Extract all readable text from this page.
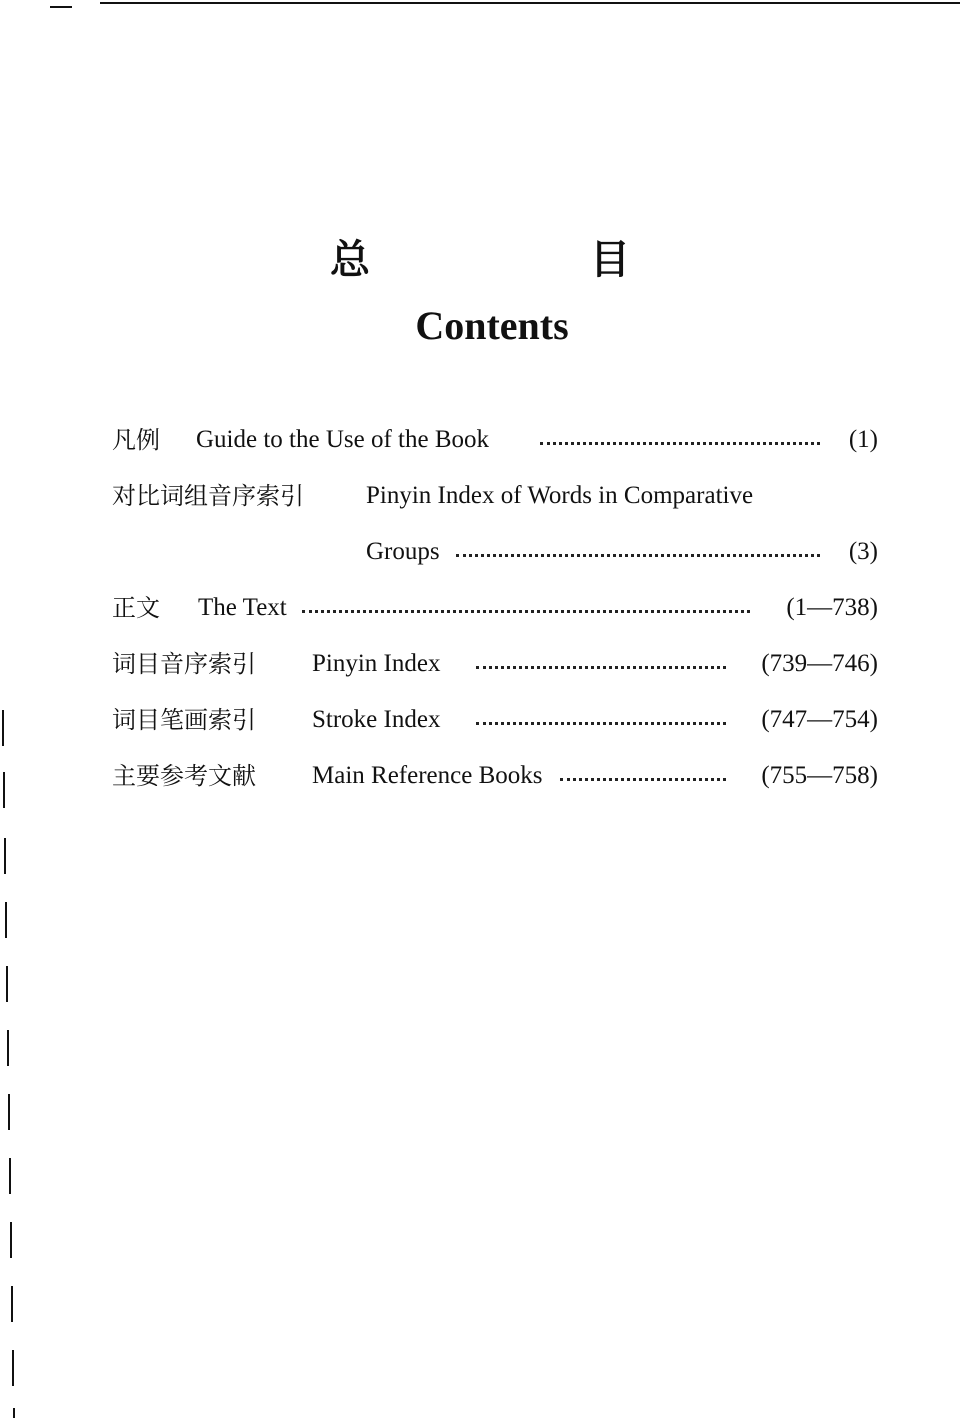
总　目
Contents
凡例 Guide to the Use of the Book	(1)
对比词组音序索引 Pinyin Index of Words in Comparative
Groups	(3)
正文 The Text	(1—738)
词目音序索引 Pinyin Index	(739—746)
词目笔画索引 Stroke Index	(747—754)
主要参考文献 Main Reference Books	(755—758)
